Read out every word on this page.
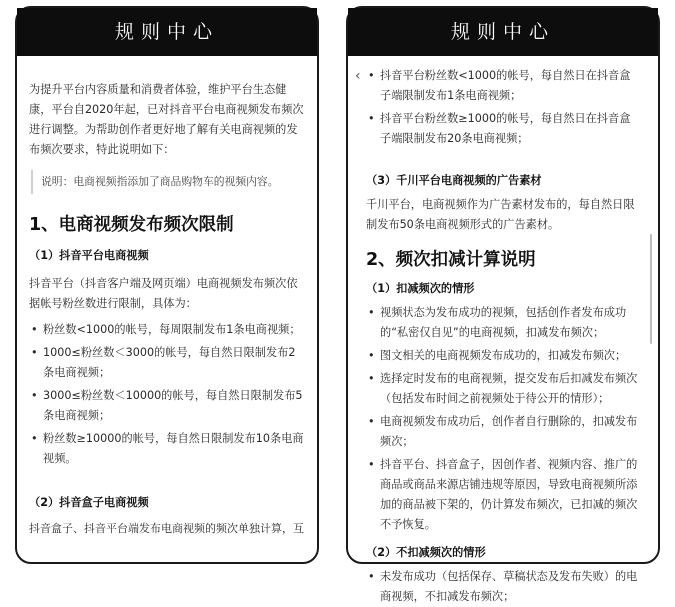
规则中心

为提升平台内容质量和消费者体验，维护平台生态健康，平台自2020年起，已对抖音平台电商视频发布频次进行调整。为帮助创作者更好地了解有关电商视频的发布频次要求，特此说明如下：

说明：电商视频指添加了商品购物车的视频内容。
1、电商视频发布频次限制
（1）抖音平台电商视频

抖音平台（抖音客户端及网页端）电商视频发布频次依据帐号粉丝数进行限制，具体为：

• 粉丝数<1000的帐号，每周限制发布1条电商视频；
• 1000≤粉丝数＜3000的帐号，每自然日限制发布2条电商视频；
• 3000≤粉丝数＜10000的帐号，每自然日限制发布5条电商视频；
• 粉丝数≥10000的帐号，每自然日限制发布10条电商视频。
（2）抖音盒子电商视频

抖音盒子、抖音平台端发布电商视频的频次单独计算，互

规则中心
‹
•	抖音平台粉丝数<1000的帐号，每自然日在抖音盒子端限制发布1条电商视频；
• 抖音平台粉丝数≥1000的帐号，每自然日在抖音盒子端限制发布20条电商视频；
（3）千川平台电商视频的广告素材

千川平台，电商视频作为广告素材发布的，每自然日限制发布50条电商视频形式的广告素材。

2、频次扣减计算说明
（1）扣减频次的情形
• 视频状态为发布成功的视频，包括创作者发布成功的“私密仅自见”的电商视频，扣减发布频次；
• 图文相关的电商视频发布成功的，扣减发布频次；
• 选择定时发布的电商视频，提交发布后扣减发布频次（包括发布时间之前视频处于待公开的情形）；
• 电商视频发布成功后，创作者自行删除的，扣减发布频次；
• 抖音平台、抖音盒子，因创作者、视频内容、推广的商品或商品来源店铺违规等原因，导致电商视频所添加的商品被下架的，仍计算发布频次，已扣减的频次不予恢复。
（2）不扣减频次的情形
• 未发布成功（包括保存、草稿状态及发布失败）的电商视频，不扣减发布频次；
